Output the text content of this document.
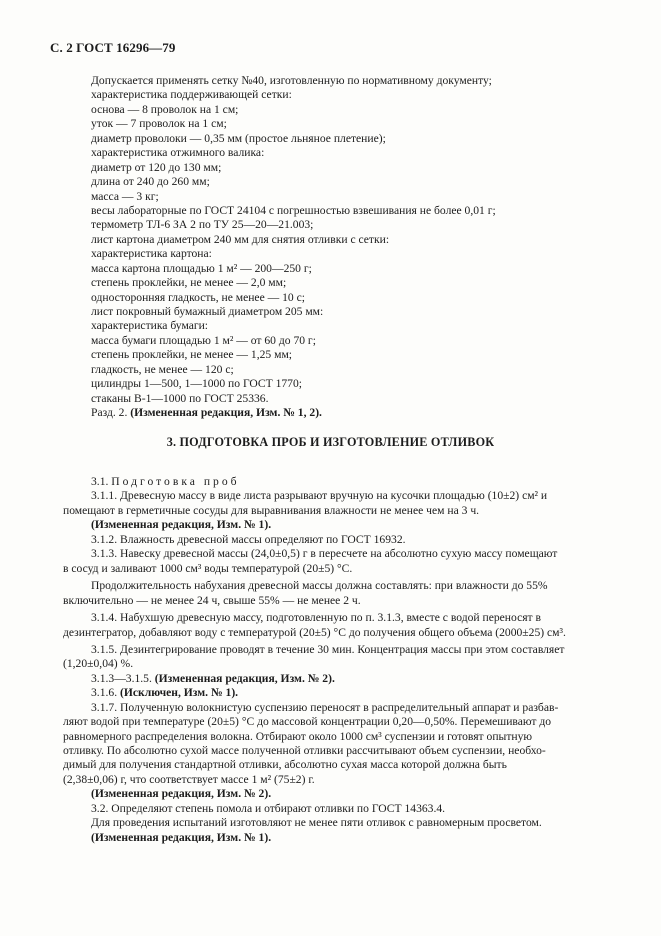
С. 2 ГОСТ 16296—79
Допускается применять сетку №40, изготовленную по нормативному документу;
характеристика поддерживающей сетки:
основа — 8 проволок на 1 см;
уток — 7 проволок на 1 см;
диаметр проволоки — 0,35 мм (простое льняное плетение);
характеристика отжимного валика:
диаметр от 120 до 130 мм;
длина от 240 до 260 мм;
масса — 3 кг;
весы лабораторные по ГОСТ 24104 с погрешностью взвешивания не более 0,01 г;
термометр ТЛ-6 ЗА 2 по ТУ 25—20—21.003;
лист картона диаметром 240 мм для снятия отливки с сетки:
характеристика картона:
масса картона площадью 1 м² — 200—250 г;
степень проклейки, не менее — 2,0 мм;
односторонняя гладкость, не менее — 10 с;
лист покровный бумажный диаметром 205 мм:
характеристика бумаги:
масса бумаги площадью 1 м² — от 60 до 70 г;
степень проклейки, не менее — 1,25 мм;
гладкость, не менее — 120 с;
цилиндры 1—500, 1—1000 по ГОСТ 1770;
стаканы В-1—1000 по ГОСТ 25336.
Разд. 2. (Измененная редакция, Изм. № 1, 2).
3. ПОДГОТОВКА ПРОБ И ИЗГОТОВЛЕНИЕ ОТЛИВОК
3.1. Подготовка проб
3.1.1. Древесную массу в виде листа разрывают вручную на кусочки площадью (10±2) см² и
помещают в герметичные сосуды для выравнивания влажности не менее чем на 3 ч.
(Измененная редакция, Изм. № 1).
3.1.2. Влажность древесной массы определяют по ГОСТ 16932.
3.1.3. Навеску древесной массы (24,0±0,5) г в пересчете на абсолютно сухую массу помещают
в сосуд и заливают 1000 см³ воды температурой (20±5) °С.
Продолжительность набухания древесной массы должна составлять: при влажности до 55%
включительно — не менее 24 ч, свыше 55% — не менее 2 ч.
3.1.4. Набухшую древесную массу, подготовленную по п. 3.1.3, вместе с водой переносят в
дезинтегратор, добавляют воду с температурой (20±5) °С до получения общего объема (2000±25) см³.
3.1.5. Дезинтегрирование проводят в течение 30 мин. Концентрация массы при этом составляет
(1,20±0,04) %.
3.1.3—3.1.5. (Измененная редакция, Изм. № 2).
3.1.6. (Исключен, Изм. № 1).
3.1.7. Полученную волокнистую суспензию переносят в распределительный аппарат и разбав-
ляют водой при температуре (20±5) °С до массовой концентрации 0,20—0,50%. Перемешивают до
равномерного распределения волокна. Отбирают около 1000 см³ суспензии и готовят опытную
отливку. По абсолютно сухой массе полученной отливки рассчитывают объем суспензии, необхо-
димый для получения стандартной отливки, абсолютно сухая масса которой должна быть
(2,38±0,06) г, что соответствует массе 1 м² (75±2) г.
(Измененная редакция, Изм. № 2).
3.2. Определяют степень помола и отбирают отливки по ГОСТ 14363.4.
Для проведения испытаний изготовляют не менее пяти отливок с равномерным просветом.
(Измененная редакция, Изм. № 1).
